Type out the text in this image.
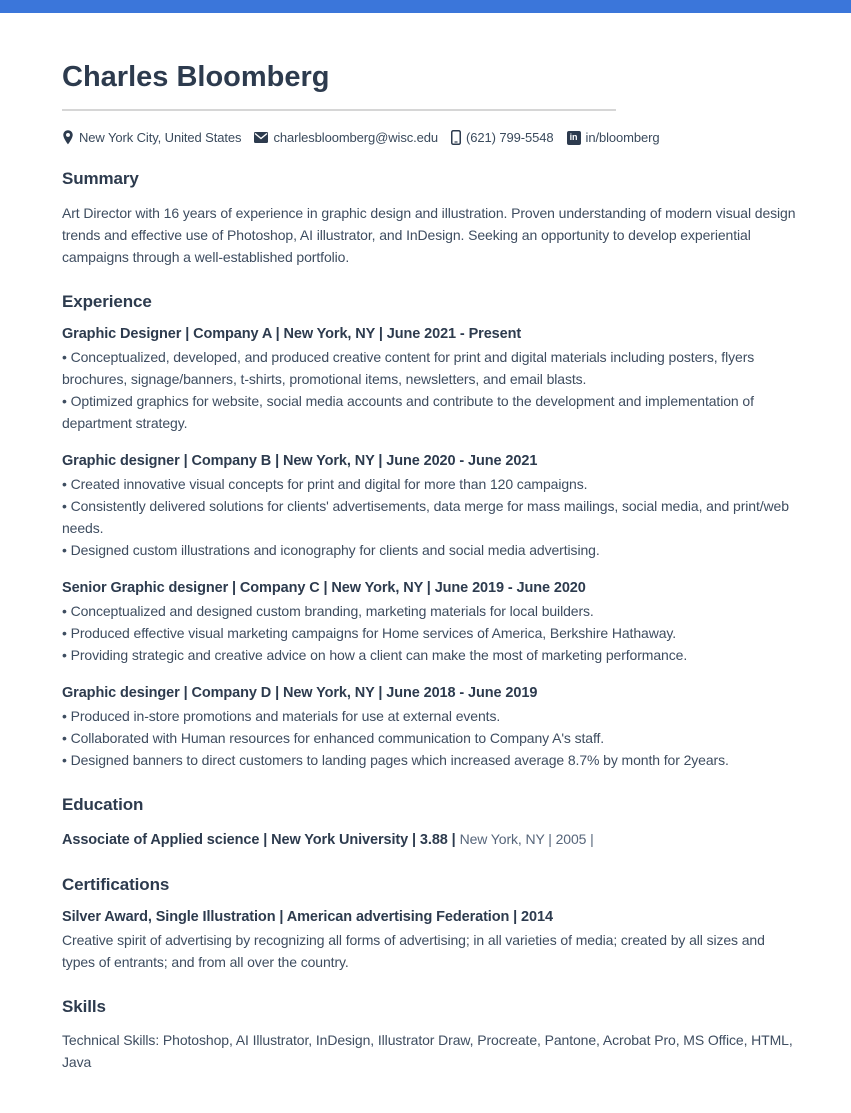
Charles Bloomberg
New York City, United States charlesbloomberg@wisc.edu (621) 799-5548	in in/bloomberg
Summary

Art Director with 16 years of experience in graphic design and illustration. Proven understanding of modern visual design trends and effective use of Photoshop, AI illustrator, and InDesign. Seeking an opportunity to develop experiential campaigns through a well-established portfolio.

Experience
Graphic Designer | Company A | New York, NY | June 2021 - Present

• Conceptualized, developed, and produced creative content for print and digital materials including posters, flyers brochures, signage/banners, t-shirts, promotional items, newsletters, and email blasts.

• Optimized graphics for website, social media accounts and contribute to the development and implementation of department strategy.

Graphic designer | Company B | New York, NY | June 2020 - June 2021

• Created innovative visual concepts for print and digital for more than 120 campaigns.

• Consistently delivered solutions for clients' advertisements, data merge for mass mailings, social media, and print/web needs.

• Designed custom illustrations and iconography for clients and social media advertising.

Senior Graphic designer | Company C | New York, NY | June 2019 - June 2020

• Conceptualized and designed custom branding, marketing materials for local builders.

• Produced effective visual marketing campaigns for Home services of America, Berkshire Hathaway.

• Providing strategic and creative advice on how a client can make the most of marketing performance.

Graphic desinger | Company D | New York, NY | June 2018 - June 2019

• Produced in-store promotions and materials for use at external events.

• Collaborated with Human resources for enhanced communication to Company A's staff.

• Designed banners to direct customers to landing pages which increased average 8.7% by month for 2years.

Education

Associate of Applied science | New York University | 3.88 | New York, NY | 2005 |

Certifications
Silver Award, Single Illustration | American advertising Federation | 2014

Creative spirit of advertising by recognizing all forms of advertising; in all varieties of media; created by all sizes and types of entrants; and from all over the country.

Skills

Technical Skills: Photoshop, AI Illustrator, InDesign, Illustrator Draw, Procreate, Pantone, Acrobat Pro, MS Office, HTML, Java
